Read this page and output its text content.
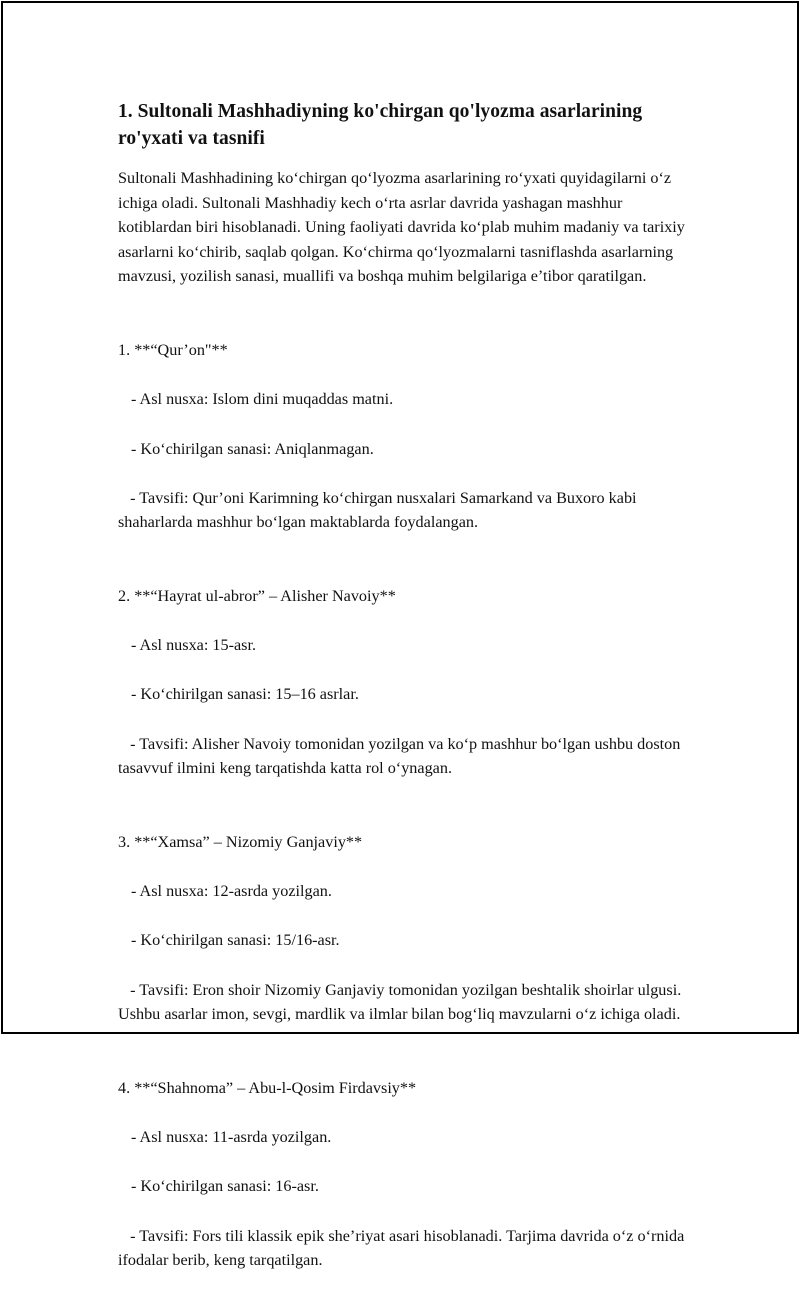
1. Sultonali Mashhadiyning ko'chirgan qo'lyozma asarlarining ro'yxati va tasnifi

Sultonali Mashhadining ko‘chirgan qo‘lyozma asarlarining ro‘yxati quyidagilarni o‘z ichiga oladi. Sultonali Mashhadiy kech o‘rta asrlar davrida yashagan mashhur kotiblardan biri hisoblanadi. Uning faoliyati davrida ko‘plab muhim madaniy va tarixiy asarlarni ko‘chirib, saqlab qolgan. Ko‘chirma qo‘lyozmalarni tasniflashda asarlarning mavzusi, yozilish sanasi, muallifi va boshqa muhim belgilariga e’tibor qaratilgan.

1. **“Qur’on"**

- Asl nusxa: Islom dini muqaddas matni.

- Ko‘chirilgan sanasi: Aniqlanmagan.

- Tavsifi: Qur’oni Karimning ko‘chirgan nusxalari Samarkand va Buxoro kabi shaharlarda mashhur bo‘lgan maktablarda foydalangan.

2. **“Hayrat ul-abror” – Alisher Navoiy**

- Asl nusxa: 15-asr.

- Ko‘chirilgan sanasi: 15–16 asrlar.

- Tavsifi: Alisher Navoiy tomonidan yozilgan va ko‘p mashhur bo‘lgan ushbu doston tasavvuf ilmini keng tarqatishda katta rol o‘ynagan.

3. **“Xamsa” – Nizomiy Ganjaviy**

- Asl nusxa: 12-asrda yozilgan.

- Ko‘chirilgan sanasi: 15/16-asr.

- Tavsifi: Eron shoir Nizomiy Ganjaviy tomonidan yozilgan beshtalik shoirlar ulgusi. Ushbu asarlar imon, sevgi, mardlik va ilmlar bilan bog‘liq mavzularni o‘z ichiga oladi.

4. **“Shahnoma” – Abu-l-Qosim Firdavsiy**

- Asl nusxa: 11-asrda yozilgan.

- Ko‘chirilgan sanasi: 16-asr.

- Tavsifi: Fors tili klassik epik she’riyat asari hisoblanadi. Tarjima davrida o‘z o‘rnida ifodalar berib, keng tarqatilgan.
